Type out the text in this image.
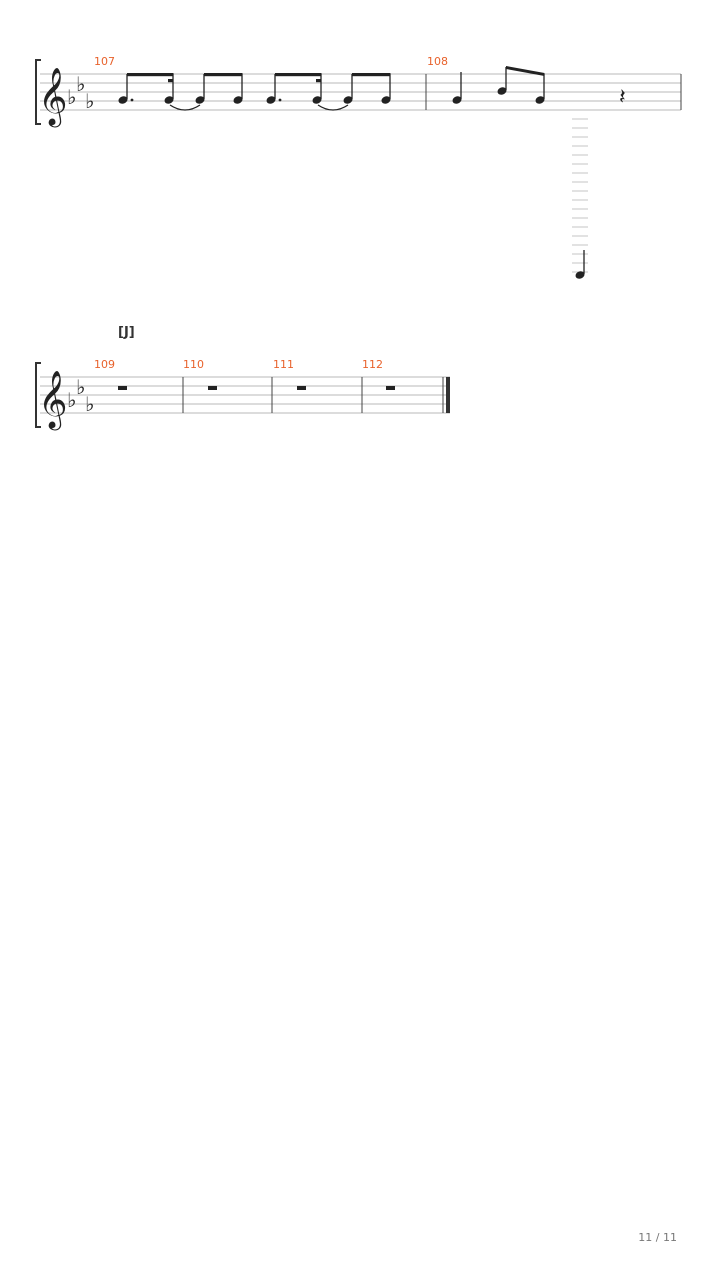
𝄞 ♭
♭
♭
107	108
𝄽
[J]
𝄞 ♭
♭
♭
109	110	111	112
11 / 11
